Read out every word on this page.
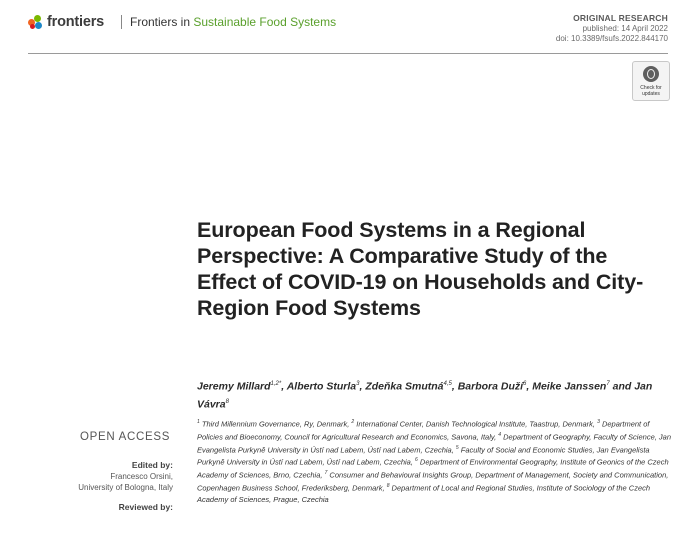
frontiers	Frontiers in Sustainable Food Systems	ORIGINAL RESEARCH
published: 14 April 2022
doi: 10.3389/fsufs.2022.844170
Check for
updates
European Food Systems in a Regional Perspective: A Comparative Study of the Effect of COVID-19 on Households and City-Region Food Systems
Jeremy Millard$^{1,2*}$, Alberto Sturla$^3$, Zdeňka Smutná$^{4,5}$, Barbora Duží$^6$, Meike Janssen$^7$ and Jan Vávra$^8$
$^1$ Third Millennium Governance, Ry, Denmark, $^2$ International Center, Danish Technological Institute, Taastrup, Denmark, $^3$ Department of Policies and Bioeconomy, Council for Agricultural Research and Economics, Savona, Italy, $^4$ Department of Geography, Faculty of Science, Jan Evangelista Purkyně University in Ústí nad Labem, Ústí nad Labem, Czechia, $^5$ Faculty of Social and Economic Studies, Jan Evangelista Purkyně University in Ústí nad Labem, Ústí nad Labem, Czechia, $^6$ Department of Environmental Geography, Institute of Geonics of the Czech Academy of Sciences, Brno, Czechia, $^7$ Consumer and Behavioural Insights Group, Department of Management, Society and Communication, Copenhagen Business School, Frederiksberg, Denmark, $^8$ Department of Local and Regional Studies, Institute of Sociology of the Czech Academy of Sciences, Prague, Czechia
OPEN ACCESS
Edited by:
Francesco Orsini,
University of Bologna, Italy
Reviewed by:
